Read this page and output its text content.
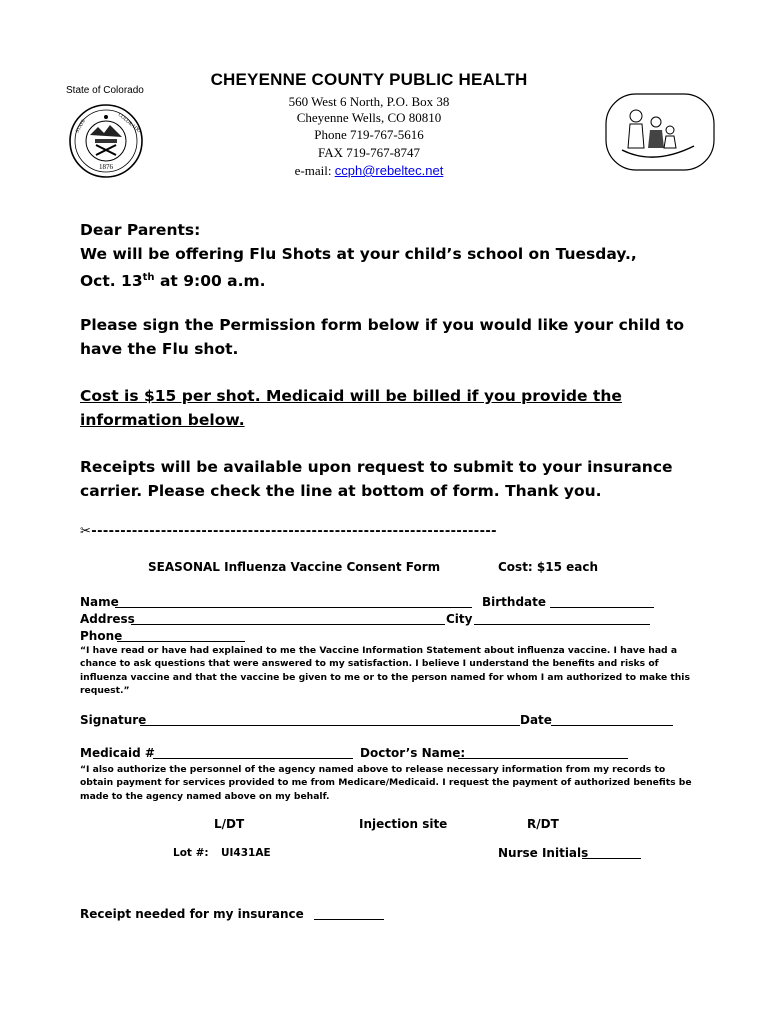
State of Colorado
1876
STATE	COLORADO
CHEYENNE COUNTY PUBLIC HEALTH
560 West 6 North, P.O. Box 38
Cheyenne Wells, CO 80810
Phone 719-767-5616
FAX 719-767-8747
e-mail: ccph@rebeltec.net
Dear Parents:
We will be offering Flu Shots at your child’s school on Tuesday.,
Oct. 13th at 9:00 a.m.
Please sign the Permission form below if you would like your child to have the Flu shot.
Cost is $15 per shot. Medicaid will be billed if you provide the information below.
Receipts will be available upon request to submit to your insurance carrier. Please check the line at bottom of form. Thank you.
✂----------------------------------------------------------------------
SEASONAL Influenza Vaccine Consent Form	Cost: $15 each
Name	Birthdate
Address	City
Phone
“I have read or have had explained to me the Vaccine Information Statement about influenza vaccine. I have had a chance to ask questions that were answered to my satisfaction. I believe I understand the benefits and risks of influenza vaccine and that the vaccine be given to me or to the person named for whom I am authorized to make this request.”
Signature	Date
Medicaid #	Doctor’s Name:
“I also authorize the personnel of the agency named above to release necessary information from my records to obtain payment for services provided to me from Medicare/Medicaid. I request the payment of authorized benefits be made to the agency named above on my behalf.
L/DT	Injection site	R/DT
Lot #: UI431AE	Nurse Initials
Receipt needed for my insurance
